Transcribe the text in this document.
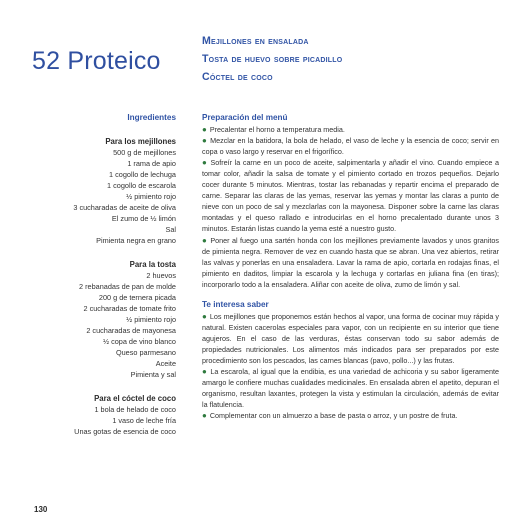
52 Proteico

Mejillones en ensalada

Tosta de huevo sobre picadillo

Cóctel de coco

Ingredientes
Para los mejillones
500 g de mejillones
1 rama de apio
1 cogollo de lechuga
1 cogollo de escarola
½ pimiento rojo
3 cucharadas de aceite de oliva
El zumo de ½ limón
Sal
Pimienta negra en grano
Para la tosta
2 huevos
2 rebanadas de pan de molde
200 g de ternera picada
2 cucharadas de tomate frito
½ pimiento rojo
2 cucharadas de mayonesa
½ copa de vino blanco
Queso parmesano
Aceite
Pimienta y sal
Para el cóctel de coco
1 bola de helado de coco
1 vaso de leche fría
Unas gotas de esencia de coco
Preparación del menú

● Precalentar el horno a temperatura media.

● Mezclar en la batidora, la bola de helado, el vaso de leche y la esencia de coco; servir en copa o vaso largo y reservar en el frigorífico.

● Sofreír la carne en un poco de aceite, salpimentarla y añadir el vino. Cuando empiece a tomar color, añadir la salsa de tomate y el pimiento cortado en trozos pequeños. Dejarlo cocer durante 5 minutos. Mientras, tostar las rebanadas y repartir encima el preparado de carne. Separar las claras de las yemas, reservar las yemas y montar las claras a punto de nieve con un poco de sal y mezclarlas con la mayonesa. Disponer sobre la carne las claras montadas y el queso rallado e introducirlas en el horno precalentado durante unos 3 minutos. Estarán listas cuando la yema esté a nuestro gusto.

● Poner al fuego una sartén honda con los mejillones previamente lavados y unos granitos de pimienta negra. Remover de vez en cuando hasta que se abran. Una vez abiertos, retirar las valvas y ponerlas en una ensaladera. Lavar la rama de apio, cortarla en rodajas finas, el pimiento en daditos, limpiar la escarola y la lechuga y cortarlas en juliana fina (en tiras); incorporarlo todo a la ensaladera. Aliñar con aceite de oliva, zumo de limón y sal.

Te interesa saber

● Los mejillones que proponemos están hechos al vapor, una forma de cocinar muy rápida y natural. Existen cacerolas especiales para vapor, con un recipiente en su interior que tiene agujeros. En el caso de las verduras, éstas conservan todo su sabor además de propiedades nutricionales. Los alimentos más indicados para ser preparados por este procedimiento son los pescados, las carnes blancas (pavo, pollo...) y las frutas.

● La escarola, al igual que la endibia, es una variedad de achicoria y su sabor ligeramente amargo le confiere muchas cualidades medicinales. En ensalada abren el apetito, depuran el organismo, resultan laxantes, protegen la vista y estimulan la circulación, además de evitar la flatulencia.

● Complementar con un almuerzo a base de pasta o arroz, y un postre de fruta.

130
